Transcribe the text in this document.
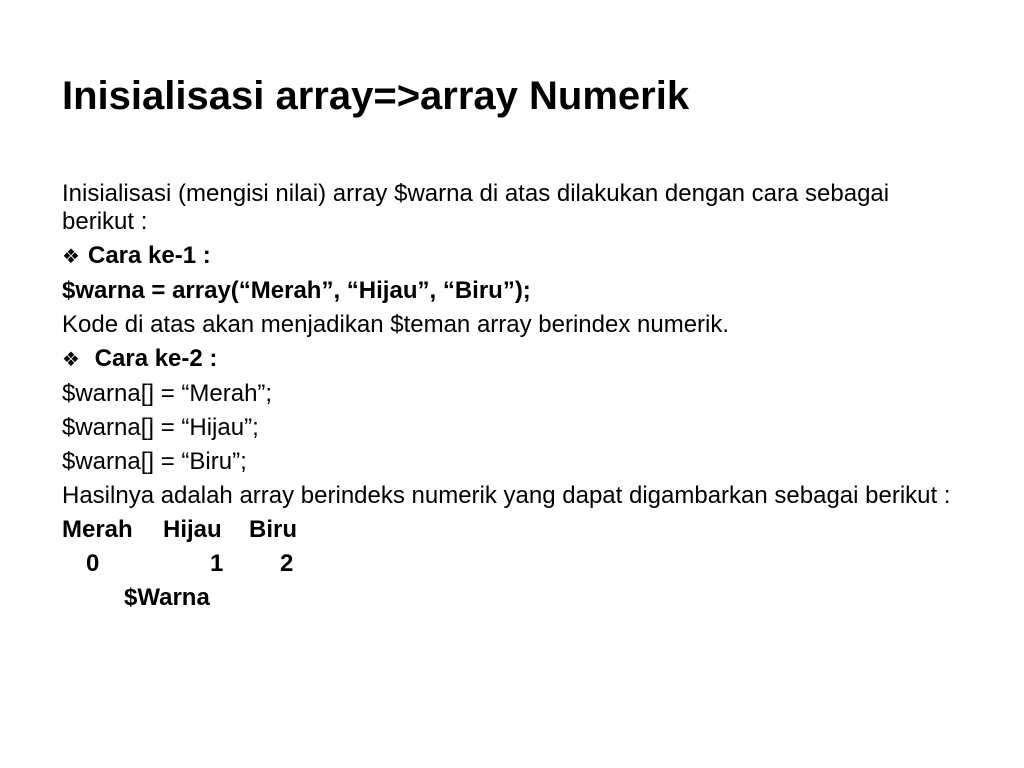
Inisialisasi array=>array Numerik

Inisialisasi (mengisi nilai) array $warna di atas dilakukan dengan cara sebagai berikut :

❖ Cara ke-1 :

$warna = array(“Merah”, “Hijau”, “Biru”);

Kode di atas akan menjadikan $teman array berindex numerik.

❖ Cara ke-2 :

$warna[] = “Merah”;

$warna[] = “Hijau”;

$warna[] = “Biru”;

Hasilnya adalah array berindeks numerik yang dapat digambarkan sebagai berikut :

Merah	Hijau	Biru
0	1	2
$Warna
